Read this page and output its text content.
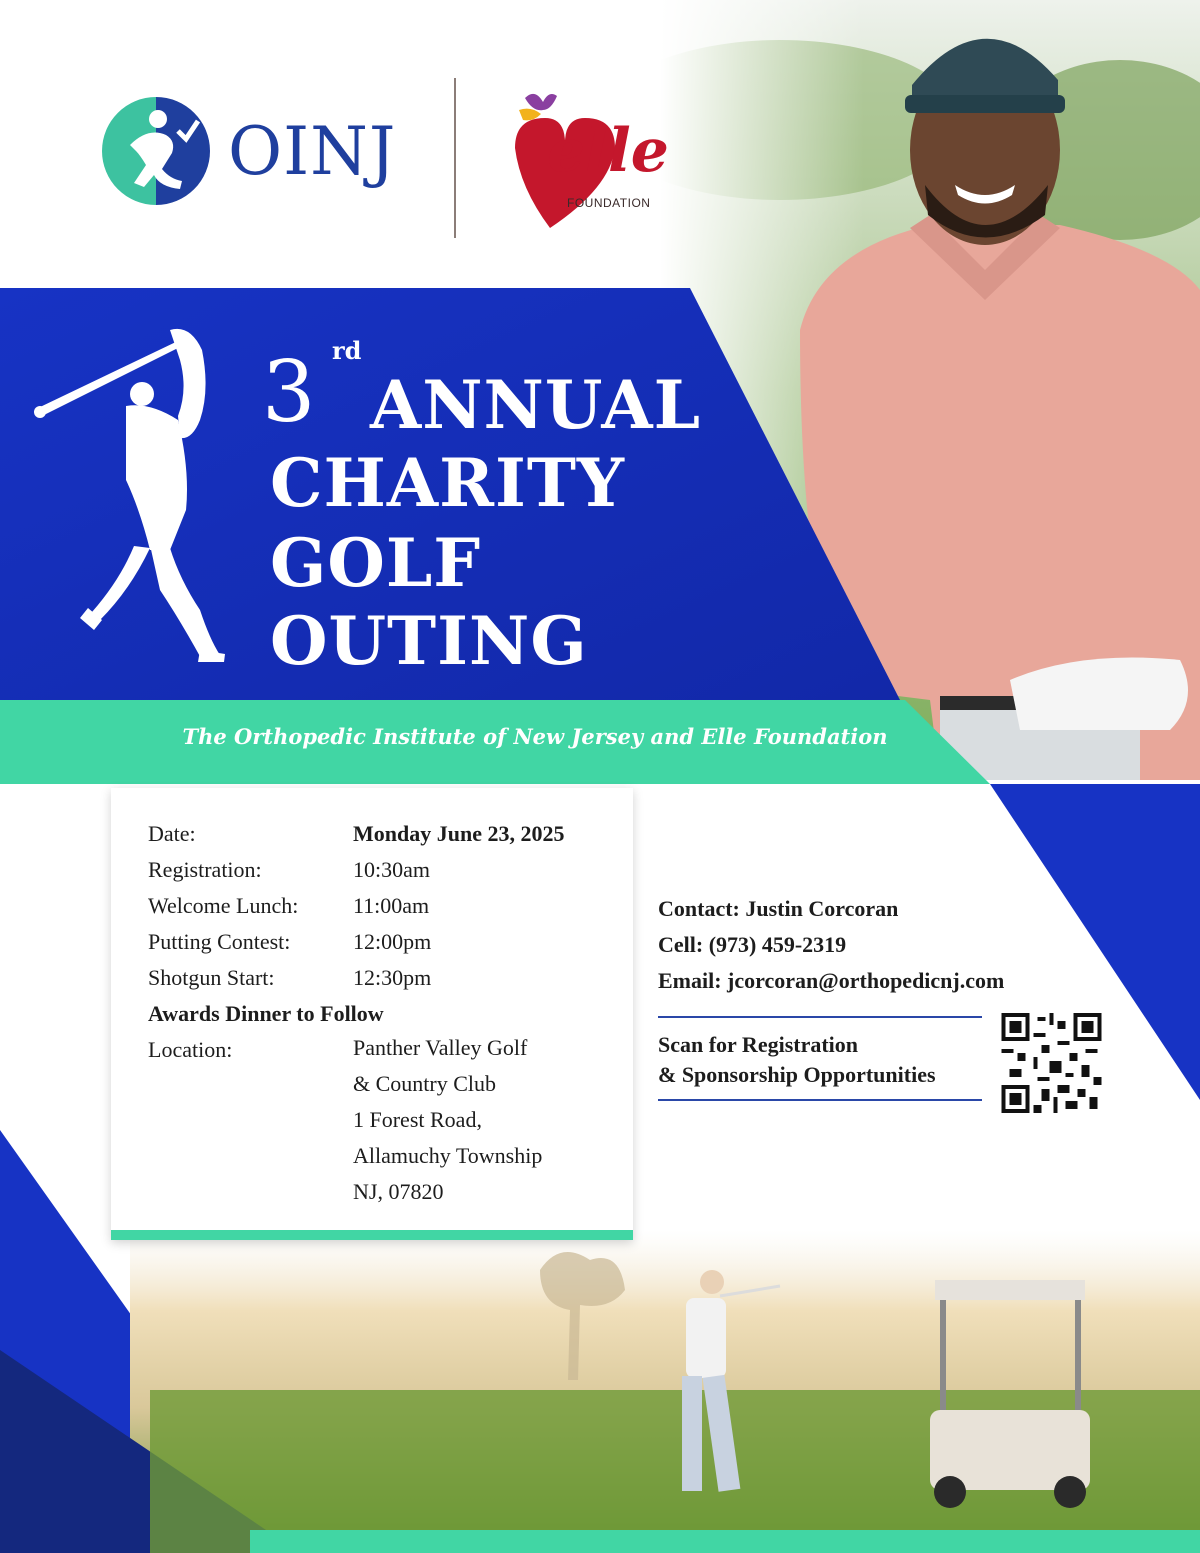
OINJ	elle
FOUNDATION
3 rd
ANNUAL
CHARITY
GOLF
OUTING
The Orthopedic Institute of New Jersey and Elle Foundation
Date:	Monday June 23, 2025
Registration:	10:30am
Welcome Lunch: 11:00am
Putting Contest:	12:00pm
Shotgun Start:	12:30pm
Awards Dinner to Follow
Location:	Panther Valley Golf
& Country Club
1 Forest Road,
Allamuchy Township
NJ, 07820
Contact: Justin Corcoran
Cell: (973) 459-2319
Email: jcorcoran@orthopedicnj.com
Scan for Registration
& Sponsorship Opportunities
